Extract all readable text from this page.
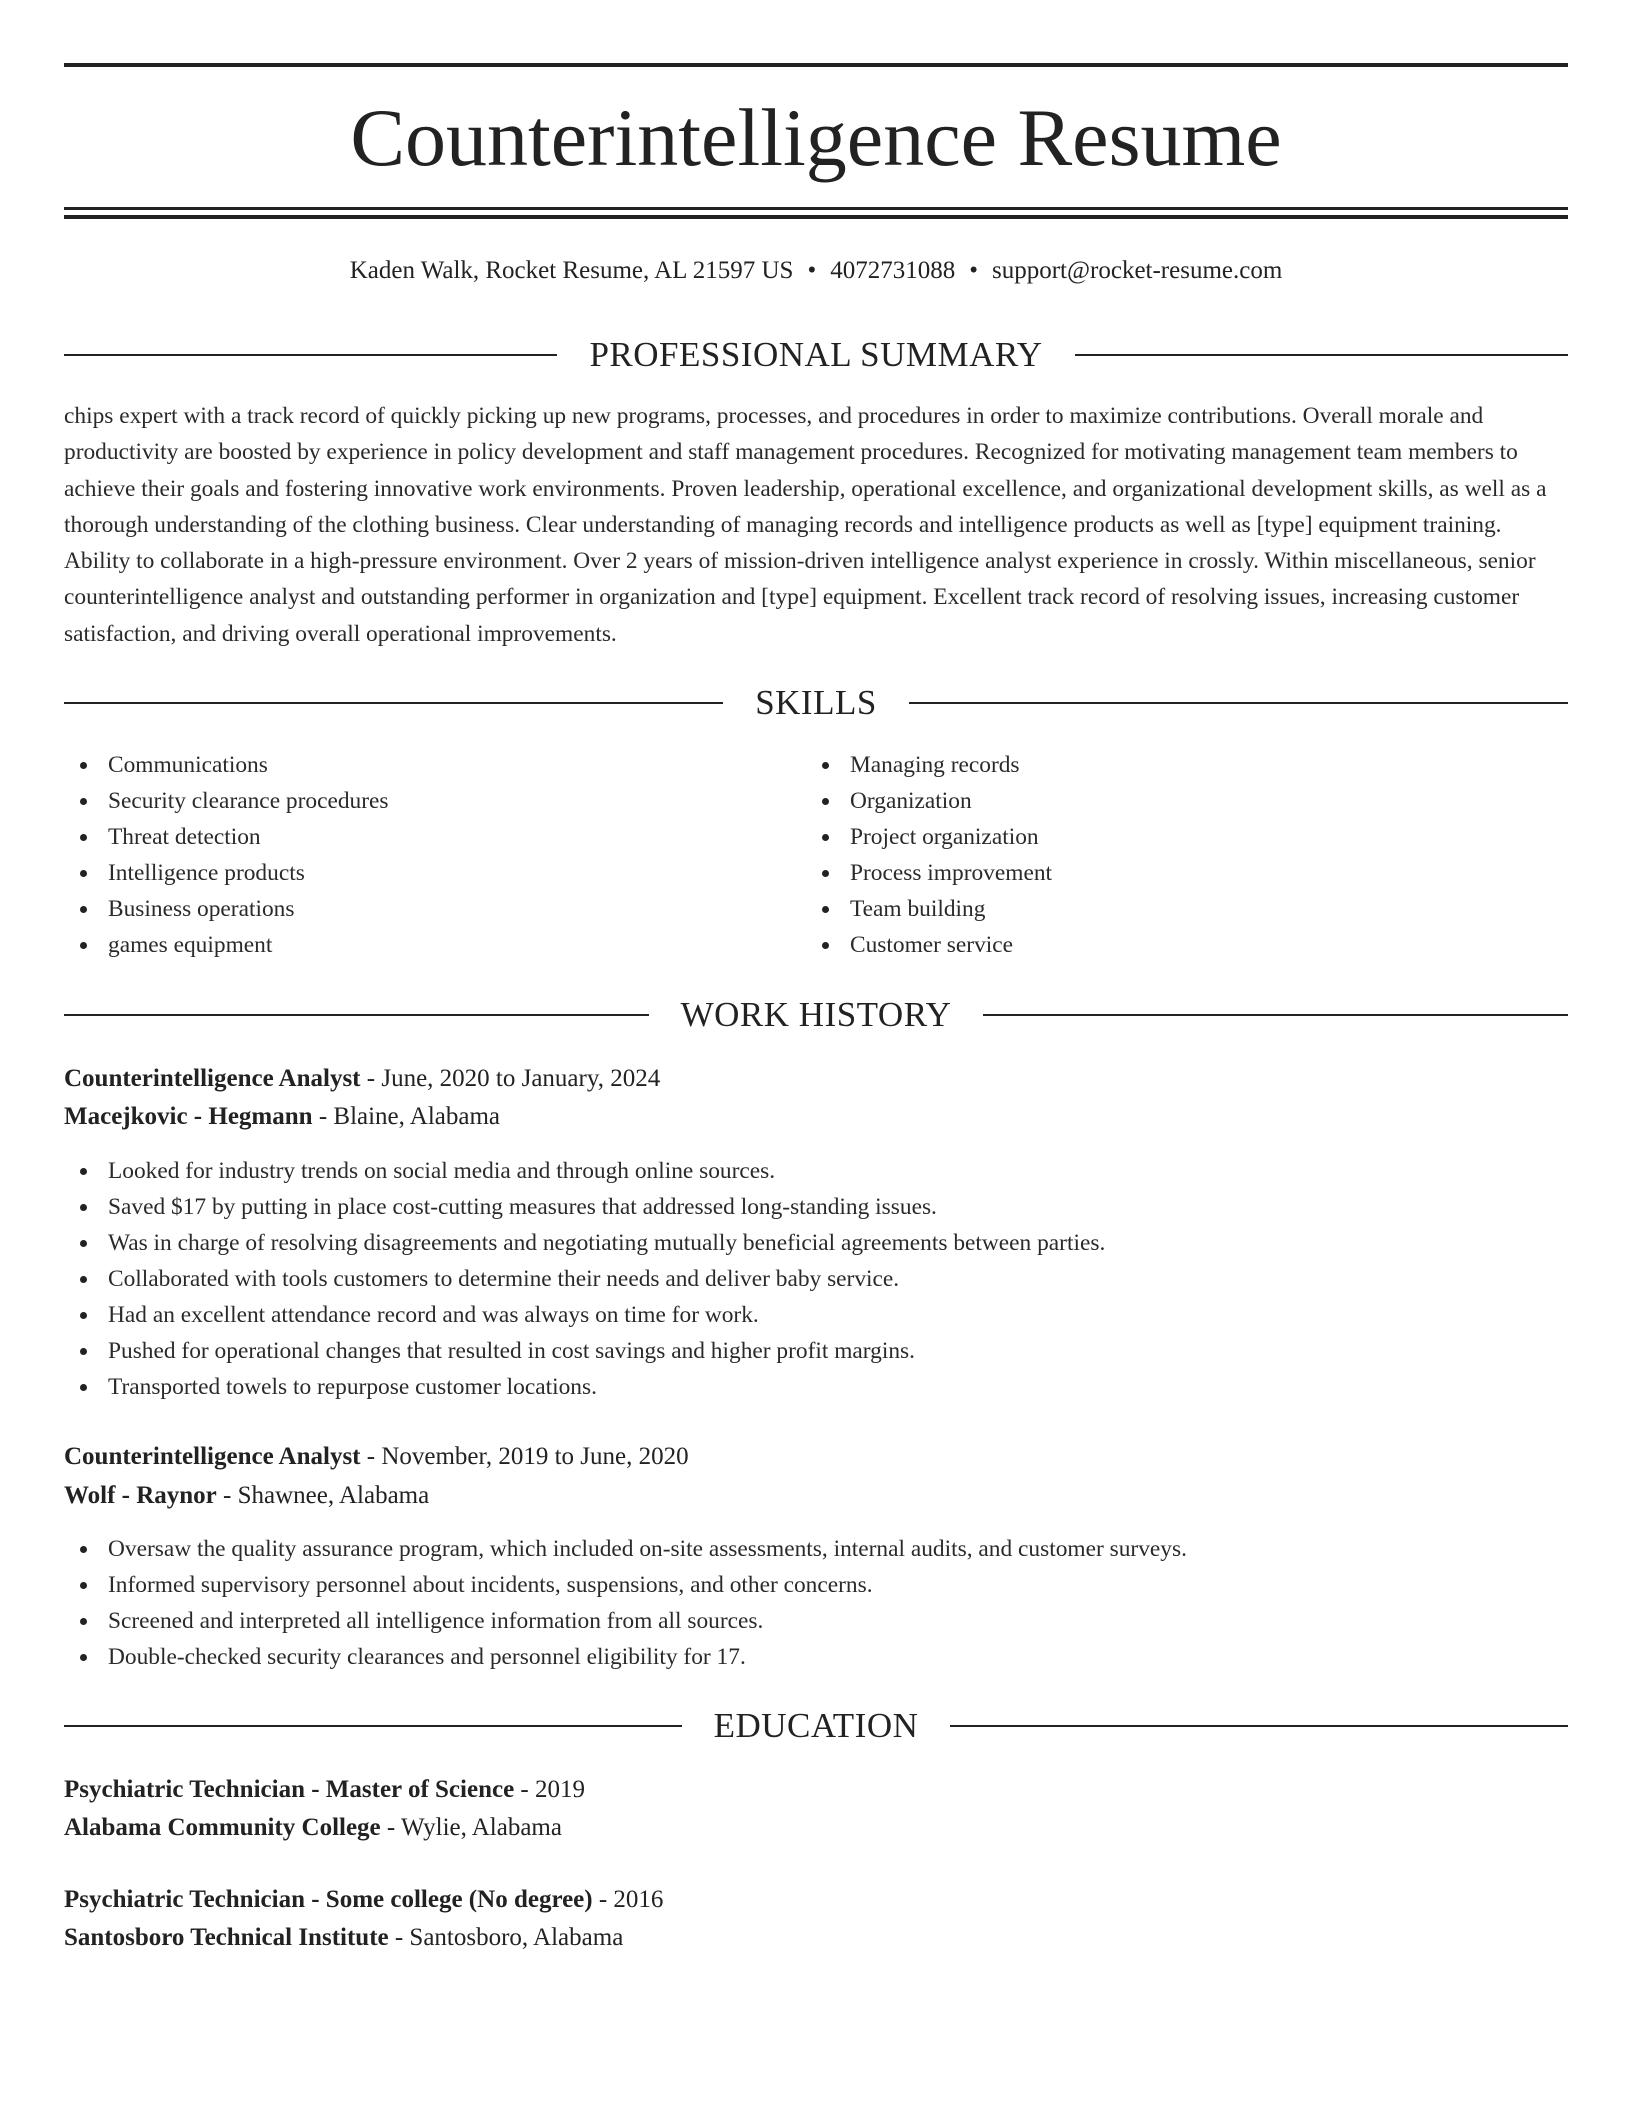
Counterintelligence Resume
Kaden Walk, Rocket Resume, AL 21597 US • 4072731088 • support@rocket-resume.com
PROFESSIONAL SUMMARY

chips expert with a track record of quickly picking up new programs, processes, and procedures in order to maximize contributions. Overall morale and productivity are boosted by experience in policy development and staff management procedures. Recognized for motivating management team members to achieve their goals and fostering innovative work environments. Proven leadership, operational excellence, and organizational development skills, as well as a thorough understanding of the clothing business. Clear understanding of managing records and intelligence products as well as [type] equipment training. Ability to collaborate in a high-pressure environment. Over 2 years of mission-driven intelligence analyst experience in crossly. Within miscellaneous, senior counterintelligence analyst and outstanding performer in organization and [type] equipment. Excellent track record of resolving issues, increasing customer satisfaction, and driving overall operational improvements.

SKILLS
Communications
Security clearance procedures
Threat detection
Intelligence products
Business operations
games equipment
Managing records
Organization
Project organization
Process improvement
Team building
Customer service
WORK HISTORY
Counterintelligence Analyst - June, 2020 to January, 2024
Macejkovic - Hegmann - Blaine, Alabama
Looked for industry trends on social media and through online sources.
Saved $17 by putting in place cost-cutting measures that addressed long-standing issues.
Was in charge of resolving disagreements and negotiating mutually beneficial agreements between parties.
Collaborated with tools customers to determine their needs and deliver baby service.
Had an excellent attendance record and was always on time for work.
Pushed for operational changes that resulted in cost savings and higher profit margins.
Transported towels to repurpose customer locations.
Counterintelligence Analyst - November, 2019 to June, 2020
Wolf - Raynor - Shawnee, Alabama
Oversaw the quality assurance program, which included on-site assessments, internal audits, and customer surveys.
Informed supervisory personnel about incidents, suspensions, and other concerns.
Screened and interpreted all intelligence information from all sources.
Double-checked security clearances and personnel eligibility for 17.
EDUCATION
Psychiatric Technician - Master of Science - 2019
Alabama Community College - Wylie, Alabama
Psychiatric Technician - Some college (No degree) - 2016
Santosboro Technical Institute - Santosboro, Alabama
